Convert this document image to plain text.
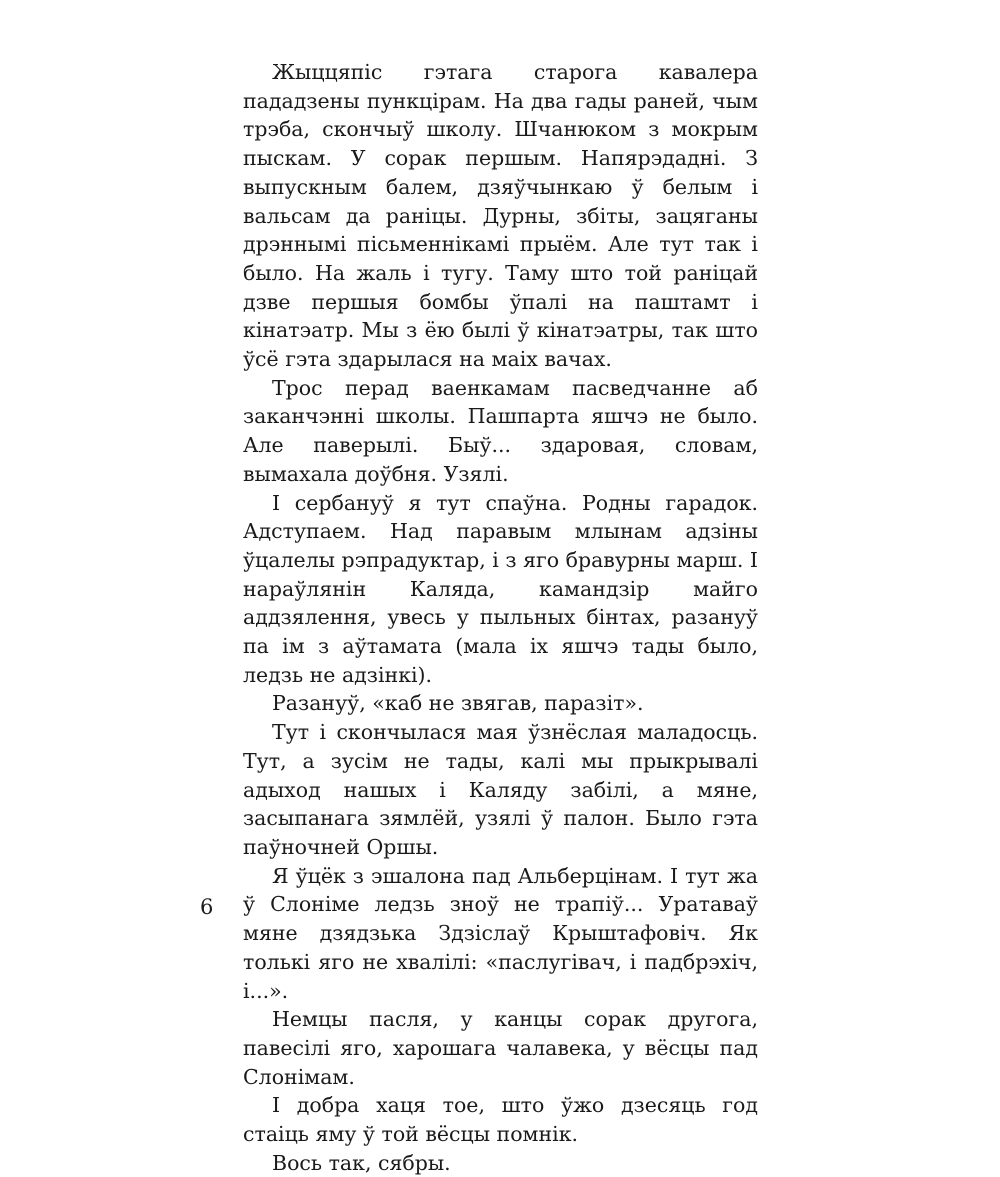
Жыццяпіс гэтага старога кавалера пададзены пункцірам. На два гады раней, чым трэба, скончыў школу. Шчанюком з мокрым пыскам. У сорак першым. Напярэдадні. З выпускным балем, дзяўчынкаю ў белым і вальсам да раніцы. Дурны, збіты, зацяганы дрэннымі пісьменнікамі прыём. Але тут так і было. На жаль і тугу. Таму што той раніцай дзве першыя бомбы ўпалі на паштамт і кінатэатр. Мы з ёю былі ў кінатэатры, так што ўсё гэта здарылася на маіх вачах.

Трос перад ваенкамам пасведчанне аб заканчэнні школы. Пашпарта яшчэ не было. Але паверылі. Быў... здаровая, словам, вымахала доўбня. Узялі.

І сербануў я тут спаўна. Родны гарадок. Адступаем. Над паравым млынам адзіны ўцалелы рэпрадуктар, і з яго бравурны марш. І нараўлянін Каляда, камандзір майго аддзялення, увесь у пыльных бінтах, разануў па ім з аўтамата (мала іх яшчэ тады было, ледзь не адзінкі).

Разануў, «каб не звягав, паразіт».

Тут і скончылася мая ўзнёслая маладосць. Тут, а зусім не тады, калі мы прыкрывалі адыход нашых і Каляду забілі, а мяне, засыпанага зямлёй, узялі ў палон. Было гэта паўночней Оршы.

Я ўцёк з эшалона пад Альберцінам. І тут жа ў Слоніме ледзь зноў не трапіў... Уратаваў мяне дзядзька Здзіслаў Крыштафовіч. Як толькі яго не хвалілі: «паслугівач, і падбрэхіч, і...».

Немцы пасля, у канцы сорак другога, павесілі яго, харошага чалавека, у вёсцы пад Слонімам.

І добра хаця тое, што ўжо дзесяць год стаіць яму ў той вёсцы помнік.

Вось так, сябры.

6
